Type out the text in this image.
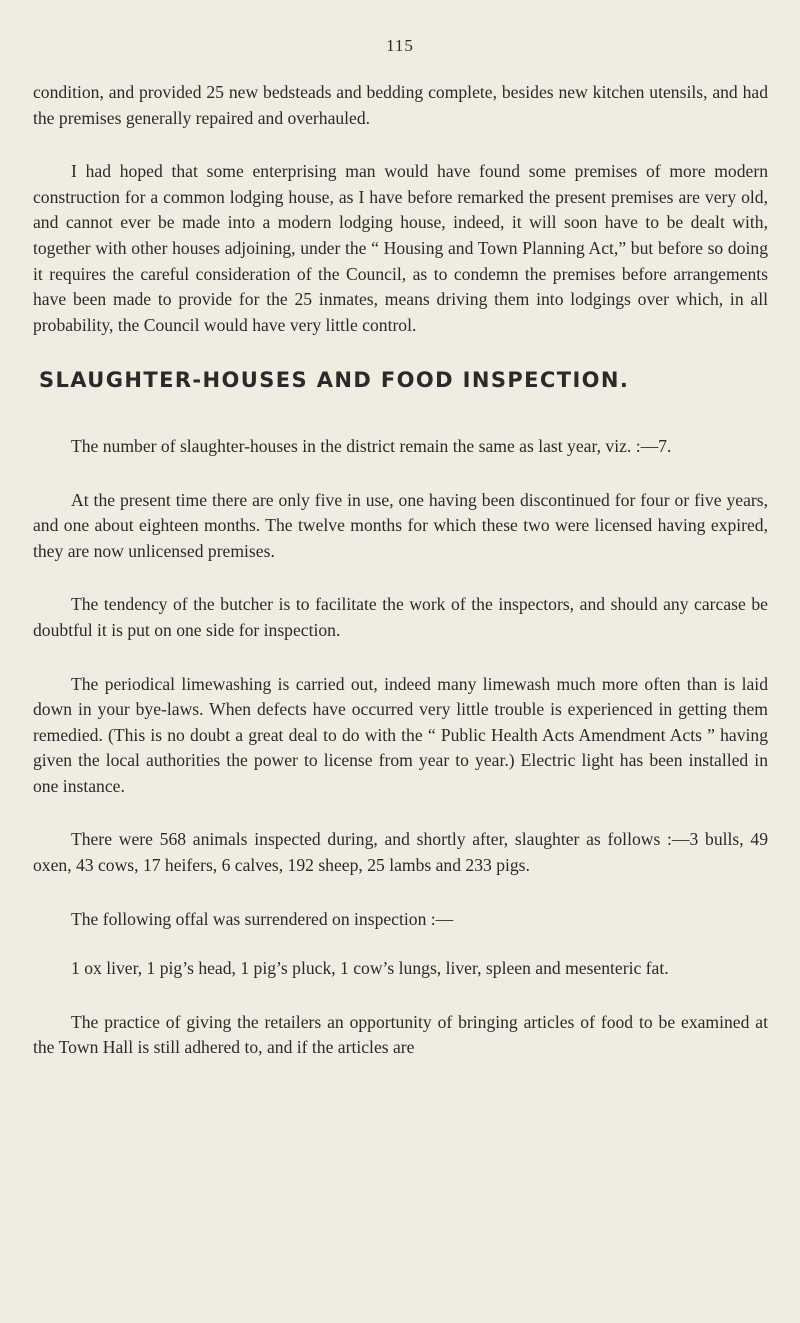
115

condition, and provided 25 new bedsteads and bedding complete, besides new kitchen utensils, and had the premises generally repaired and overhauled.

I had hoped that some enterprising man would have found some premises of more modern construction for a common lodging house, as I have before remarked the present premises are very old, and cannot ever be made into a modern lodging house, indeed, it will soon have to be dealt with, together with other houses adjoining, under the “ Housing and Town Planning Act,” but before so doing it requires the careful consideration of the Council, as to condemn the premises before arrangements have been made to provide for the 25 inmates, means driving them into lodgings over which, in all probability, the Council would have very little control.

SLAUGHTER-HOUSES AND FOOD INSPECTION.

The number of slaughter-houses in the district remain the same as last year, viz. :—7.

At the present time there are only five in use, one having been discontinued for four or five years, and one about eighteen months. The twelve months for which these two were licensed having expired, they are now unlicensed premises.

The tendency of the butcher is to facilitate the work of the inspectors, and should any carcase be doubtful it is put on one side for inspection.

The periodical limewashing is carried out, indeed many limewash much more often than is laid down in your bye-laws. When defects have occurred very little trouble is experienced in getting them remedied. (This is no doubt a great deal to do with the “ Public Health Acts Amendment Acts ” having given the local authorities the power to license from year to year.) Electric light has been installed in one instance.

There were 568 animals inspected during, and shortly after, slaughter as follows :—3 bulls, 49 oxen, 43 cows, 17 heifers, 6 calves, 192 sheep, 25 lambs and 233 pigs.

The following offal was surrendered on inspection :—

1 ox liver, 1 pig’s head, 1 pig’s pluck, 1 cow’s lungs, liver, spleen and mesenteric fat.

The practice of giving the retailers an opportunity of bringing articles of food to be examined at the Town Hall is still adhered to, and if the articles are
